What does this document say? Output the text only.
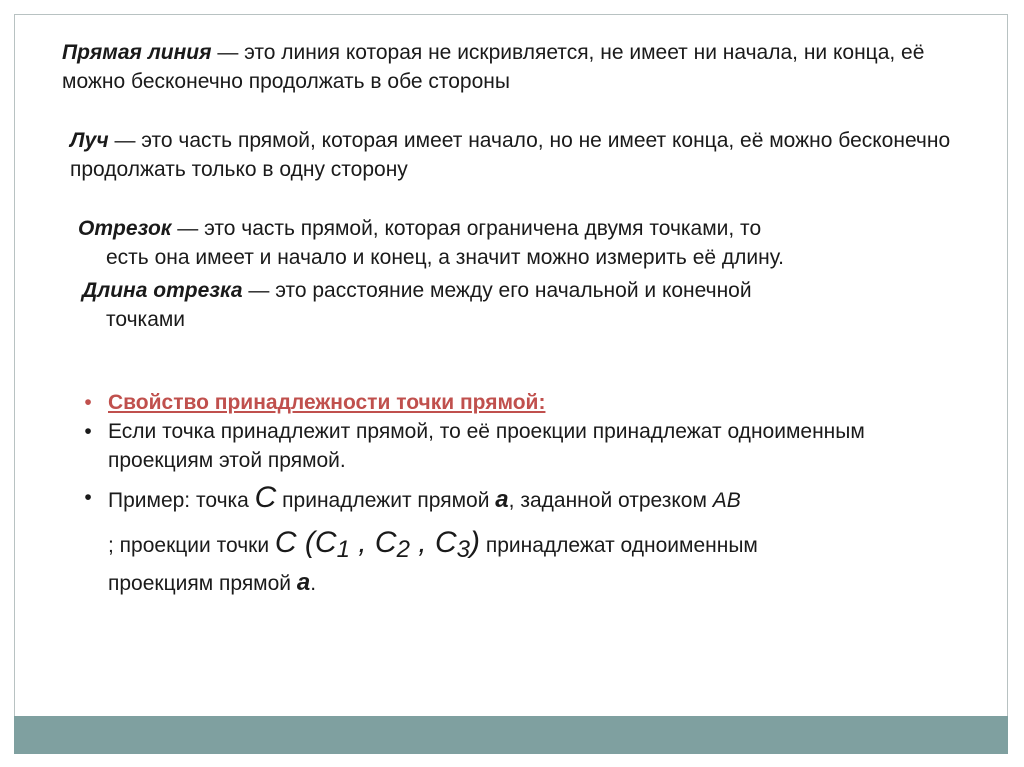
Прямая линия — это линия которая не искривляется, не имеет ни начала, ни конца, её можно бесконечно продолжать в обе стороны
Луч — это часть прямой, которая имеет начало, но не имеет конца, её можно бесконечно продолжать только в одну сторону
Отрезок — это часть прямой, которая ограничена двумя точками, то
есть она имеет и начало и конец, а значит можно измерить её длину.
Длина отрезка — это расстояние между его начальной и конечной
точками
• Свойство принадлежности точки прямой:
• Если точка принадлежит прямой, то её проекции принадлежат одноименным проекциям этой прямой.
• Пример: точка C принадлежит прямой a, заданной отрезком AB
; проекции точки C ($C_1$ , $C_2$ , $C_3$) принадлежат одноименным
проекциям прямой a.
